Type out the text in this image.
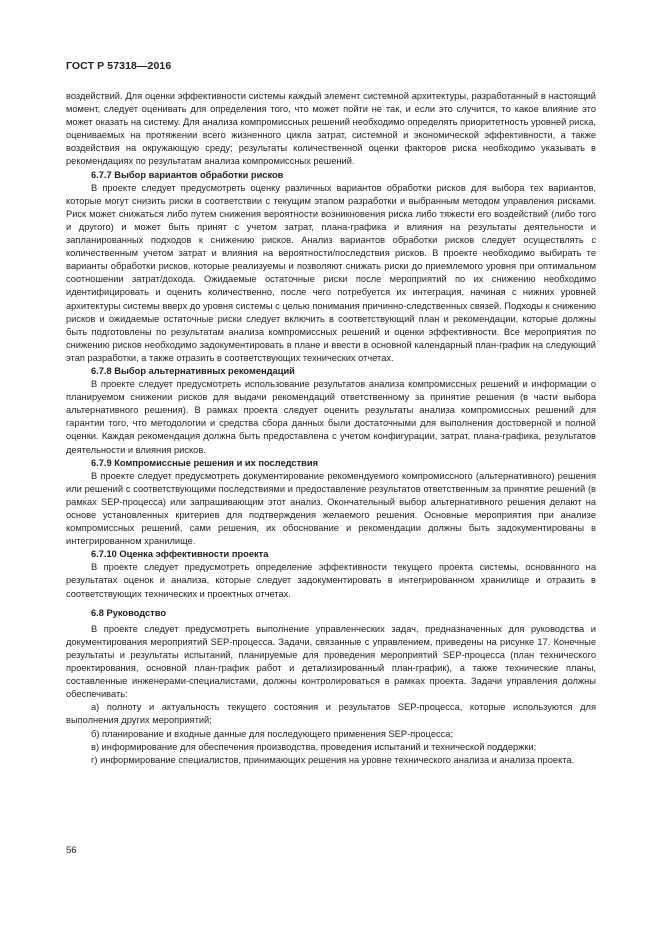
ГОСТ Р 57318—2016

воздействий. Для оценки эффективности системы каждый элемент системной архитектуры, разработанный в настоящий момент, следует оценивать для определения того, что может пойти не так, и если это случится, то какое влияние это может оказать на систему. Для анализа компромиссных решений необходимо определять приоритетность уровней риска, оцениваемых на протяжении всего жизненного цикла затрат, системной и экономической эффективности, а также воздействия на окружающую среду; результаты количественной оценки факторов риска необходимо указывать в рекомендациях по результатам анализа компромиссных решений.

6.7.7 Выбор вариантов обработки рисков

В проекте следует предусмотреть оценку различных вариантов обработки рисков для выбора тех вариантов, которые могут снизить риски в соответствии с текущим этапом разработки и выбранным методом управления рисками. Риск может снижаться либо путем снижения вероятности возникновения риска либо тяжести его воздействий (либо того и другого) и может быть принят с учетом затрат, плана-графика и влияния на результаты деятельности и запланированных подходов к снижению рисков. Анализ вариантов обработки рисков следует осуществлять с количественным учетом затрат и влияния на вероятности/последствия рисков. В проекте необходимо выбирать те варианты обработки рисков, которые реализуемы и позволяют снижать риски до приемлемого уровня при оптимальном соотношении затрат/дохода. Ожидаемые остаточные риски после мероприятий по их снижению необходимо идентифицировать и оценить количественно, после чего потребуется их интеграция, начиная с нижних уровней архитектуры системы вверх до уровня системы с целью понимания причинно-следственных связей. Подходы к снижению рисков и ожидаемые остаточные риски следует включить в соответствующий план и рекомендации, которые должны быть подготовлены по результатам анализа компромиссных решений и оценки эффективности. Все мероприятия по снижению рисков необходимо задокументировать в плане и ввести в основной календарный план-график на следующий этап разработки, а также отразить в соответствующих технических отчетах.

6.7.8 Выбор альтернативных рекомендаций

В проекте следует предусмотреть использование результатов анализа компромиссных решений и информации о планируемом снижении рисков для выдачи рекомендаций ответственному за принятие решения (в части выбора альтернативного решения). В рамках проекта следует оценить результаты анализа компромиссных решений для гарантии того, что методологии и средства сбора данных были достаточными для выполнения достоверной и полной оценки. Каждая рекомендация должна быть предоставлена с учетом конфигурации, затрат, плана-графика, результатов деятельности и влияния рисков.

6.7.9 Компромиссные решения и их последствия

В проекте следует предусмотреть документирование рекомендуемого компромиссного (альтернативного) решения или решений с соответствующими последствиями и предоставление результатов ответственным за принятие решений (в рамках SEP-процесса) или запрашивающим этот анализ. Окончательный выбор альтернативного решения делают на основе установленных критериев для подтверждения желаемого решения. Основные мероприятия при анализе компромиссных решений, сами решения, их обоснование и рекомендации должны быть задокументированы в интегрированном хранилище.

6.7.10 Оценка эффективности проекта

В проекте следует предусмотреть определение эффективности текущего проекта системы, основанного на результатах оценок и анализа, которые следует задокументировать в интегрированном хранилище и отразить в соответствующих технических и проектных отчетах.

6.8 Руководство

В проекте следует предусмотреть выполнение управленческих задач, предназначенных для руководства и документирования мероприятий SEP-процесса. Задачи, связанные с управлением, приведены на рисунке 17. Конечные результаты и результаты испытаний, планируемые для проведения мероприятий SEP-процесса (план технического проектирования, основной план-график работ и детализированный план-график), а также технические планы, составленные инженерами-специалистами, должны контролироваться в рамках проекта. Задачи управления должны обеспечивать:

а) полноту и актуальность текущего состояния и результатов SEP-процесса, которые используются для выполнения других мероприятий;

б) планирование и входные данные для последующего применения SEP-процесса;

в) информирование для обеспечения производства, проведения испытаний и технической поддержки;

г) информирование специалистов, принимающих решения на уровне технического анализа и анализа проекта.

56
